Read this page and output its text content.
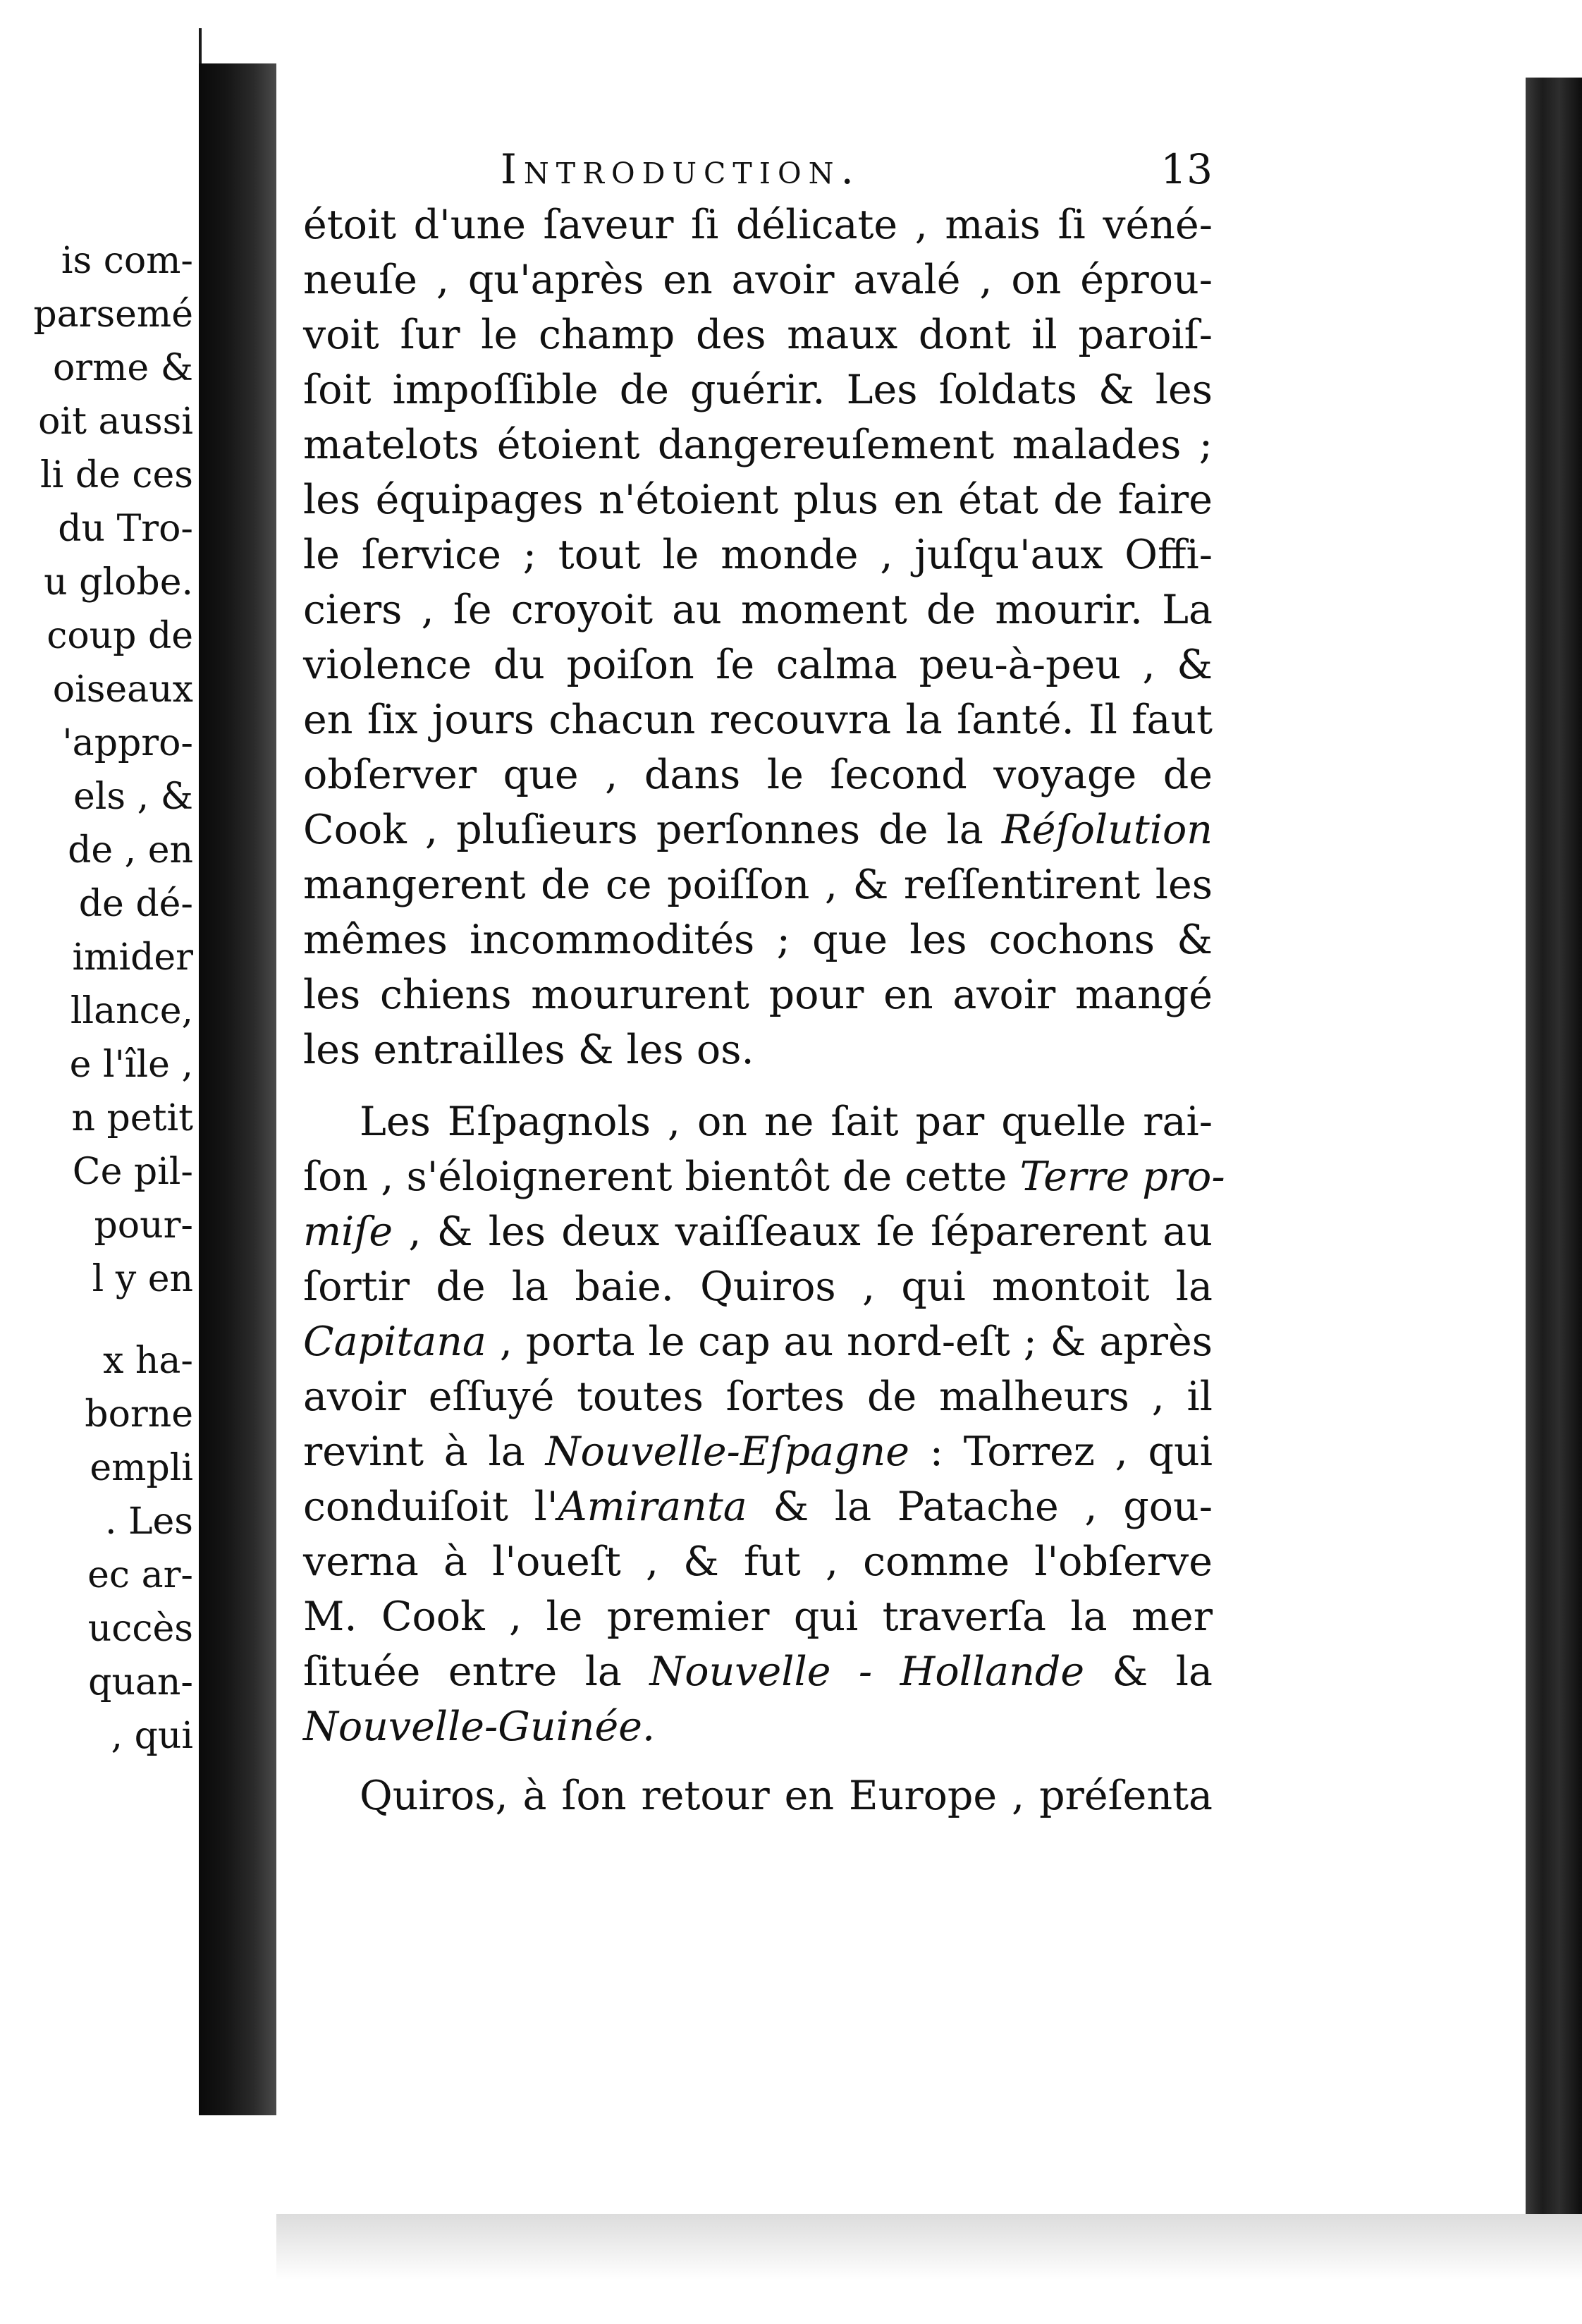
is com-
parsemé
orme &
oit aussi
li de ces
du Tro-
u globe.
coup de
oiseaux
'appro-
els , &
de , en
de dé-
imider
llance,
e l'île ,
n petit
Ce pil-
pour-
l y en
x ha-
borne
empli
. Les
ec ar-
uccès
quan-
, qui
Introduction.	13
étoit d'une ſaveur ſi délicate , mais ſi véné-
neuſe , qu'après en avoir avalé , on éprou-
voit ſur le champ des maux dont il paroiſ-
ſoit impoſſible de guérir. Les ſoldats & les
matelots étoient dangereuſement malades ;
les équipages n'étoient plus en état de faire
le ſervice ; tout le monde , juſqu'aux Offi-
ciers , ſe croyoit au moment de mourir. La
violence du poiſon ſe calma peu-à-peu , &
en ſix jours chacun recouvra la ſanté. Il faut
obſerver que , dans le ſecond voyage de
Cook , pluſieurs perſonnes de la Réſolution
mangerent de ce poiſſon , & reſſentirent les
mêmes incommodités ; que les cochons &
les chiens moururent pour en avoir mangé
les entrailles & les os.
Les Eſpagnols , on ne ſait par quelle rai-
ſon , s'éloignerent bientôt de cette Terre pro-
miſe , & les deux vaiſſeaux ſe ſéparerent au
ſortir de la baie. Quiros , qui montoit la
Capitana , porta le cap au nord-eſt ; & après
avoir eſſuyé toutes ſortes de malheurs , il
revint à la Nouvelle-Eſpagne : Torrez , qui
conduiſoit l'Amiranta & la Patache , gou-
verna à l'oueſt , & fut , comme l'obſerve
M. Cook , le premier qui traverſa la mer
ſituée entre la Nouvelle - Hollande & la
Nouvelle-Guinée.
Quiros, à ſon retour en Europe , préſenta
